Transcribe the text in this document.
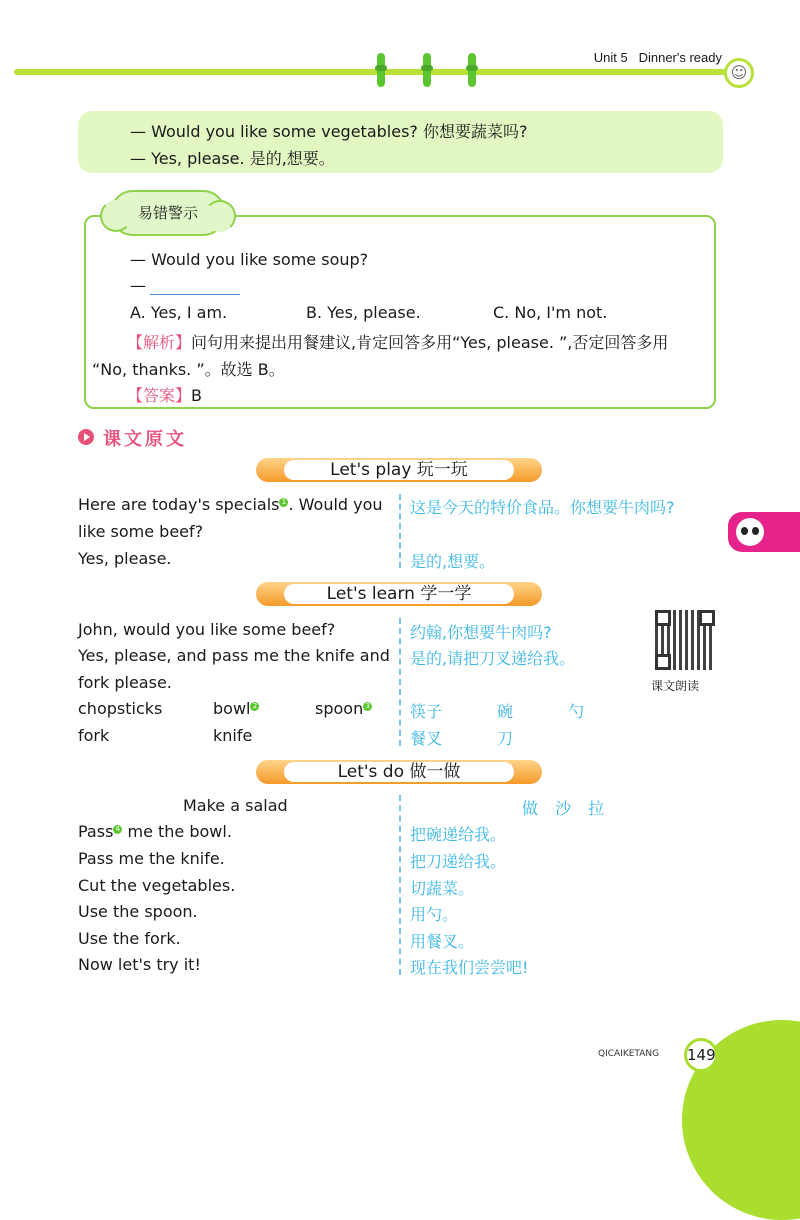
Unit 5 Dinner's ready
☺
— Would you like some vegetables? 你想要蔬菜吗?
— Yes, please. 是的,想要。
易错警示
— Would you like some soup?
—
A. Yes, I am.	B. Yes, please.	C. No, I'm not.
【解析】问句用来提出用餐建议,肯定回答多用“Yes, please. ”,否定回答多用
“No, thanks. ”。故选 B。
【答案】B
课文原文
Let's play 玩一玩
Here are today's specials 1 . Would you
like some beef?
Yes, please.
这是今天的特价食品。你想要牛肉吗?
是的,想要。
Let's learn 学一学
John, would you like some beef?
Yes, please, and pass me the knife and
fork please.
chopsticks	bowl 2	spoon 3
fork	knife
约翰,你想要牛肉吗?
是的,请把刀叉递给我。
筷子	碗	勺
餐叉	刀
课文朗读
Let's do 做一做
Make a salad	做 沙 拉
Pass 4 me the bowl.
Pass me the knife.
Cut the vegetables.
Use the spoon.
Use the fork.
Now let's try it!
把碗递给我。
把刀递给我。
切蔬菜。
用勺。
用餐叉。
现在我们尝尝吧!
QICAIKETANG 149
